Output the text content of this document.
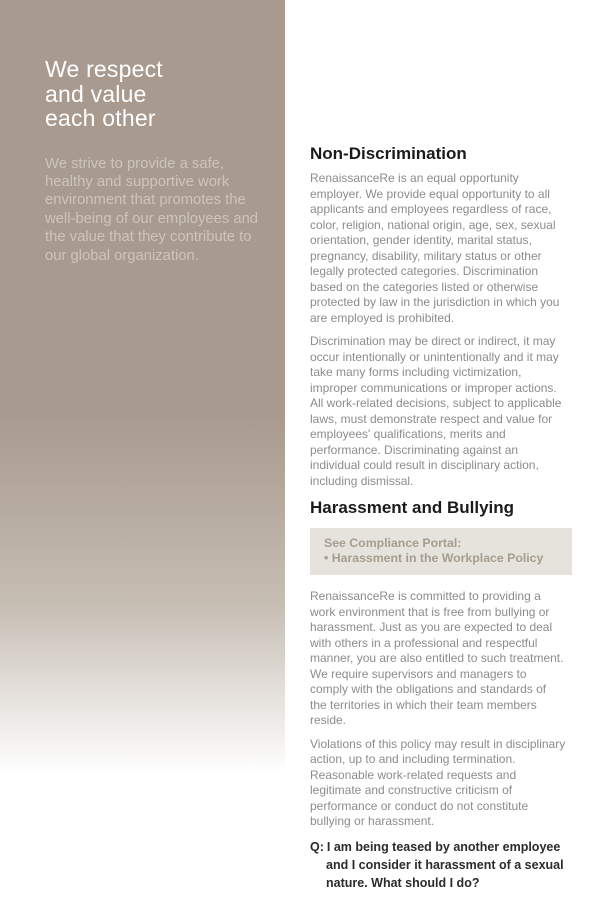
We respect
and value
each other

We strive to provide a safe, healthy and supportive work environment that promotes the well-being of our employees and the value that they contribute to our global organization.

Non-Discrimination

RenaissanceRe is an equal opportunity employer. We provide equal opportunity to all applicants and employees regardless of race, color, religion, national origin, age, sex, sexual orientation, gender identity, marital status, pregnancy, disability, military status or other legally protected categories. Discrimination based on the categories listed or otherwise protected by law in the jurisdiction in which you are employed is prohibited.

Discrimination may be direct or indirect, it may occur intentionally or unintentionally and it may take many forms including victimization, improper communications or improper actions. All work-related decisions, subject to applicable laws, must demonstrate respect and value for employees' qualifications, merits and performance. Discriminating against an individual could result in disciplinary action, including dismissal.

Harassment and Bullying
See Compliance Portal:
• Harassment in the Workplace Policy

RenaissanceRe is committed to providing a work environment that is free from bullying or harassment. Just as you are expected to deal with others in a professional and respectful manner, you are also entitled to such treatment. We require supervisors and managers to comply with the obligations and standards of the territories in which their team members reside.

Violations of this policy may result in disciplinary action, up to and including termination. Reasonable work-related requests and legitimate and constructive criticism of performance or conduct do not constitute bullying or harassment.

Q: I am being teased by another employee and I consider it harassment of a sexual nature. What should I do?
